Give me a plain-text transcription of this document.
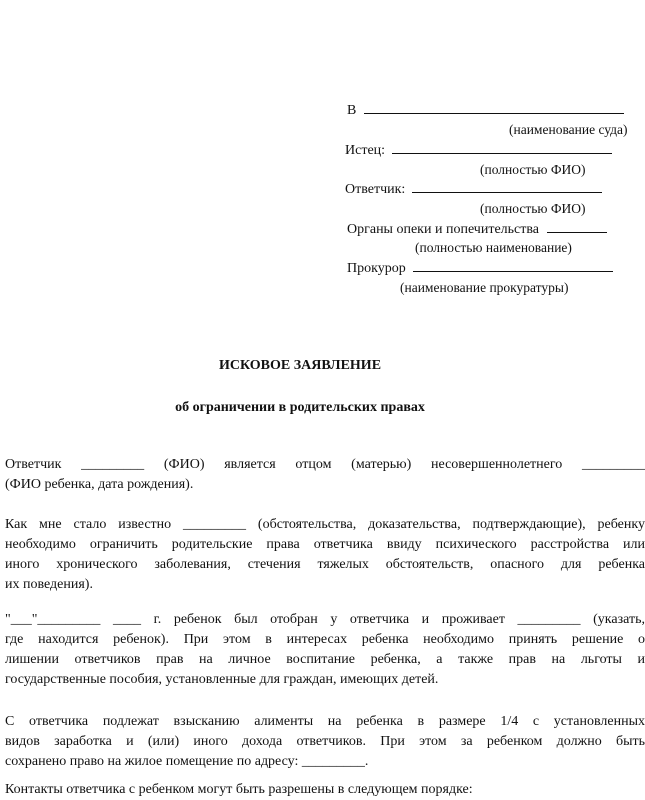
В
(наименование суда)
Истец:
(полностью ФИО)
Ответчик:
(полностью ФИО)
Органы опеки и попечительства
(полностью наименование)
Прокурор
(наименование прокуратуры)
ИСКОВОЕ ЗАЯВЛЕНИЕ
об ограничении в родительских правах
Ответчик _________ (ФИО) является отцом (матерью) несовершеннолетнего _________
(ФИО ребенка, дата рождения).
Как мне стало известно _________ (обстоятельства, доказательства, подтверждающие), ребенку
необходимо ограничить родительские права ответчика ввиду психического расстройства или
иного хронического заболевания, стечения тяжелых обстоятельств, опасного для ребенка
их поведения).
"___"_________ ____ г. ребенок был отобран у ответчика и проживает _________ (указать,
где находится ребенок). При этом в интересах ребенка необходимо принять решение о
лишении ответчиков прав на личное воспитание ребенка, а также прав на льготы и
государственные пособия, установленные для граждан, имеющих детей.
С ответчика подлежат взысканию алименты на ребенка в размере 1/4 с установленных
видов заработка и (или) иного дохода ответчиков. При этом за ребенком должно быть
сохранено право на жилое помещение по адресу: _________.
Контакты ответчика с ребенком могут быть разрешены в следующем порядке:
